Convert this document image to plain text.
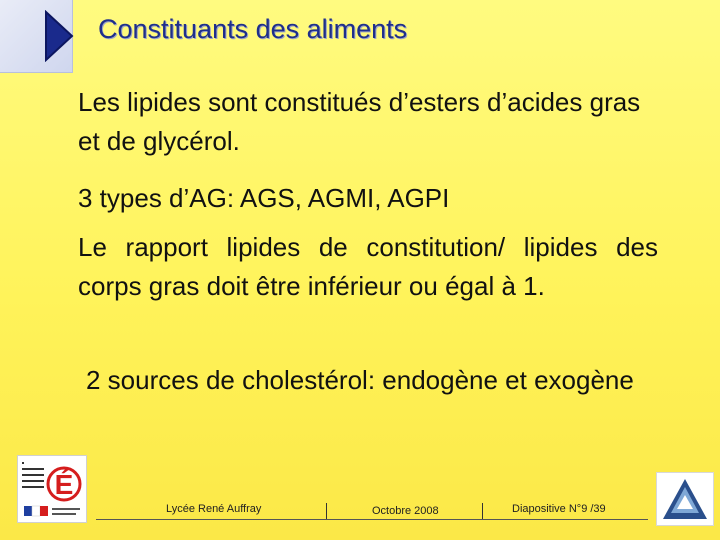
Constituants des aliments

Les lipides sont constitués d’esters d’acides gras et de glycérol.

3 types d’AG: AGS, AGMI, AGPI

Le rapport lipides de constitution/ lipides des corps gras doit être inférieur ou égal à 1.

2 sources de cholestérol: endogène et exogène

É
Lycée René Auffray	Octobre 2008	Diapositive N°9 /39
